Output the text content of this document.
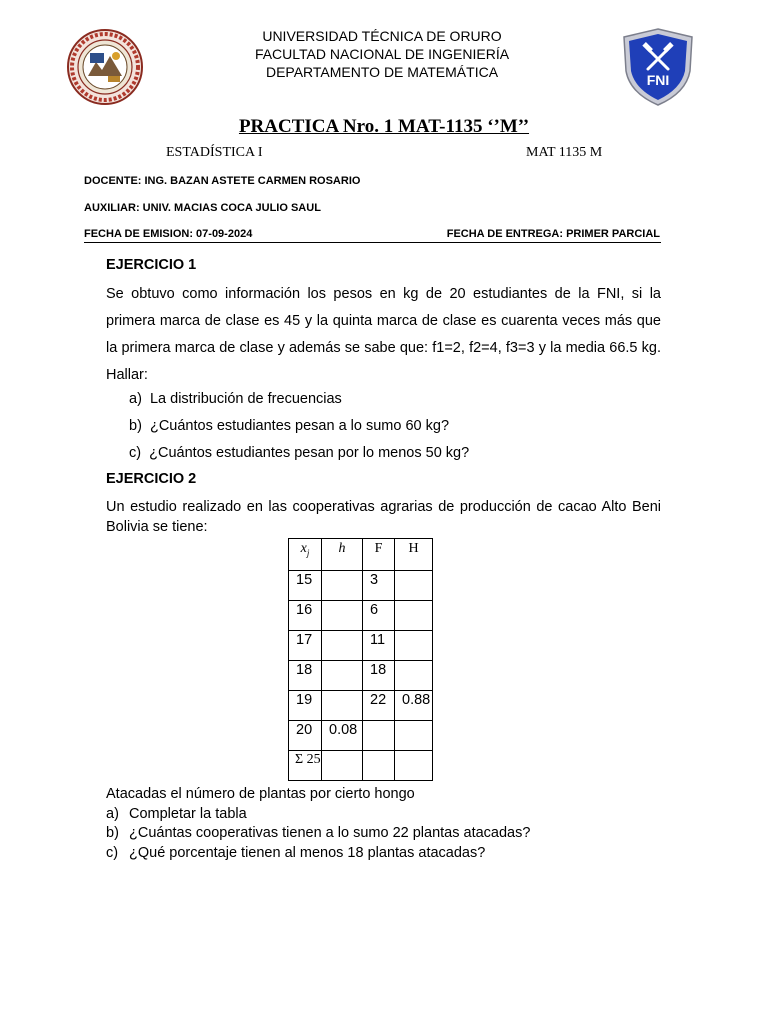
UNIVERSIDAD TÉCNICA DE ORURO
FACULTAD NACIONAL DE INGENIERÍA
DEPARTAMENTO DE MATEMÁTICA	FNI
PRACTICA Nro. 1 MAT-1135 ‘’M’’
ESTADÍSTICA I	MAT 1135 M
DOCENTE: ING. BAZAN ASTETE CARMEN ROSARIO
AUXILIAR: UNIV. MACIAS COCA JULIO SAUL
FECHA DE EMISION: 07-09-2024	FECHA DE ENTREGA: PRIMER PARCIAL
EJERCICIO 1
Se obtuvo como información los pesos en kg de 20 estudiantes de la FNI, si la primera marca de clase es 45 y la quinta marca de clase es cuarenta veces más que la primera marca de clase y además se sabe que: f1=2, f2=4, f3=3 y la media 66.5 kg. Hallar:
a) La distribución de frecuencias
b) ¿Cuántos estudiantes pesan a lo sumo 60 kg?
c) ¿Cuántos estudiantes pesan por lo menos 50 kg?
EJERCICIO 2
Un estudio realizado en las cooperativas agrarias de producción de cacao Alto Beni Bolivia se tiene:
$x_j$	h	F	H
15		3	
16		6	
17		11	
18		18	
19		22	0.88
20	0.08		
Σ 25			
Atacadas el número de plantas por cierto hongo
a) Completar la tabla
b) ¿Cuántas cooperativas tienen a lo sumo 22 plantas atacadas?
c) ¿Qué porcentaje tienen al menos 18 plantas atacadas?
